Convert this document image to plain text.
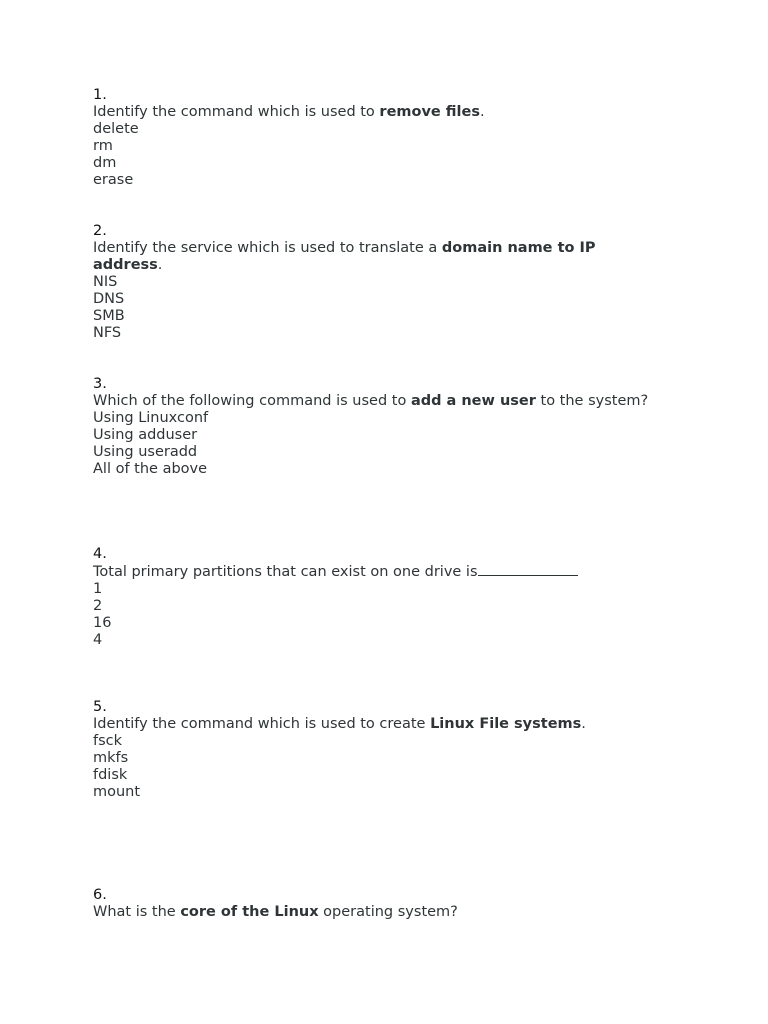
1.
Identify the command which is used to remove files.
delete
rm
dm
erase
2.
Identify the service which is used to translate a domain name to IP address.
NIS
DNS
SMB
NFS
3.
Which of the following command is used to add a new user to the system?
Using Linuxconf
Using adduser
Using useradd
All of the above
4.
Total primary partitions that can exist on one drive is
1
2
16
4
5.
Identify the command which is used to create Linux File systems.
fsck
mkfs
fdisk
mount
6.
What is the core of the Linux operating system?
